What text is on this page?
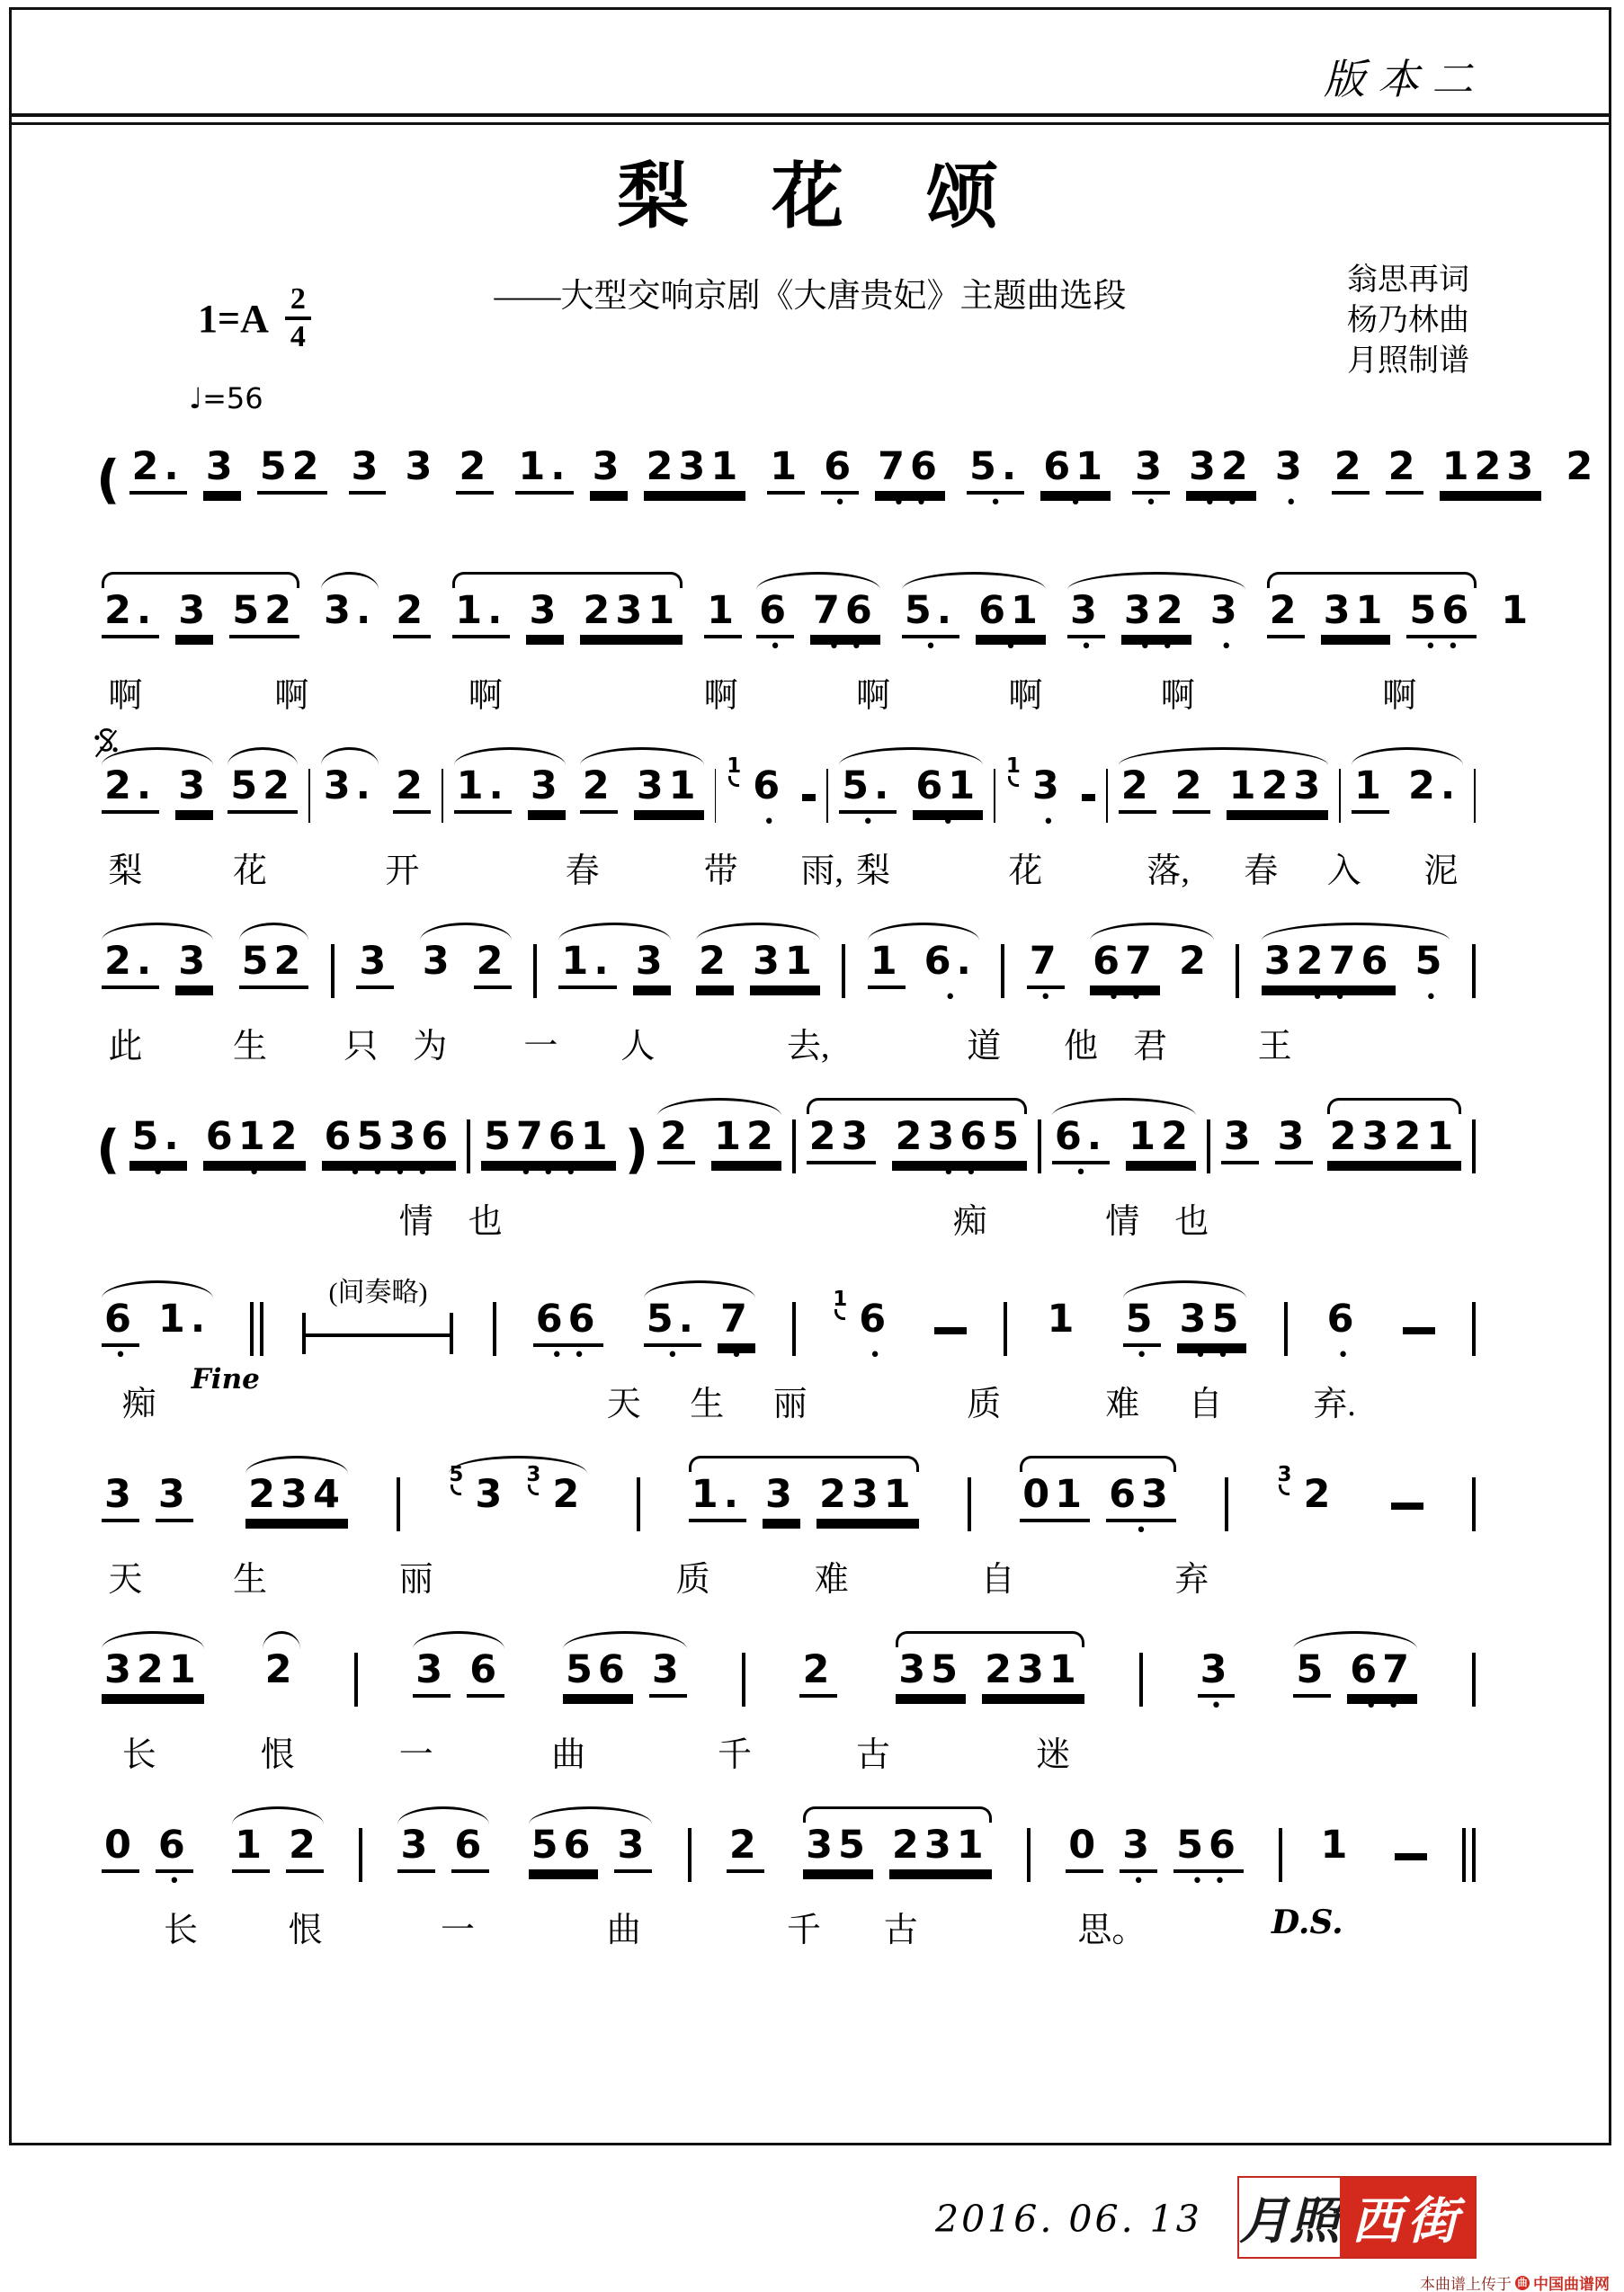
版本二
梨　花　颂
——大型交响京剧《大唐贵妃》主题曲选段	翁思再词
杨乃林曲
月照制谱
$1=A \frac{2}{4}$
♩=56
( 2. 3 52 3 3 2 1. 3 231 1 6
•
76
••
5.
•
61
•
3
•
32
••
3
•
2 2 123 2
2. 3 52 3. 2 1. 3 231 1 6
•
76
••
5.
•
61
•
3
•
32
••
3
•
2 31 56
••
1
啊	啊	啊	啊	啊	啊	啊	啊
2. 3 52 3. 2 1. 3 2 31 1 6
•
5.
•
61
•
1 3
•
2 2 123 1 2.
梨	花	开	春	带 雨, 梨	花	落, 春 入 泥
2. 3 52 3 3 2 1. 3 2 31 1 6.
•
7
•
67
••
2 3276
••
5
•
此	生 只 为 一 人	去,	道 他 君	王
( 5.
•
612
•
6536
••••
5761
••• ) 2 12 23 2365
••
6.
•
12 3 3 2321
情 也	痴	情 也
6
•
1.
(间奏略)
66
••
5.
•
7
•
1 6
•
1 5
•
35
••
6
•
Fine
痴	天 生 丽	质	难 自	弃.
3 3 234	5 3 3 2	1. 3 231	01 63
•
3 2
天	生	丽	质	难	自	弃
321 2	3 6 56 3	2 35 231	3
•
5 67
••
长	恨	一	曲	千	古	迷
0 6
•
1 2 3 6 56 3 2 35 231 0 3
•
56
••
1
D.S.
长	恨	一	曲	千 古	思。
2016. 06. 13 月照 西街
本曲谱上传于 曲 中国曲谱网
